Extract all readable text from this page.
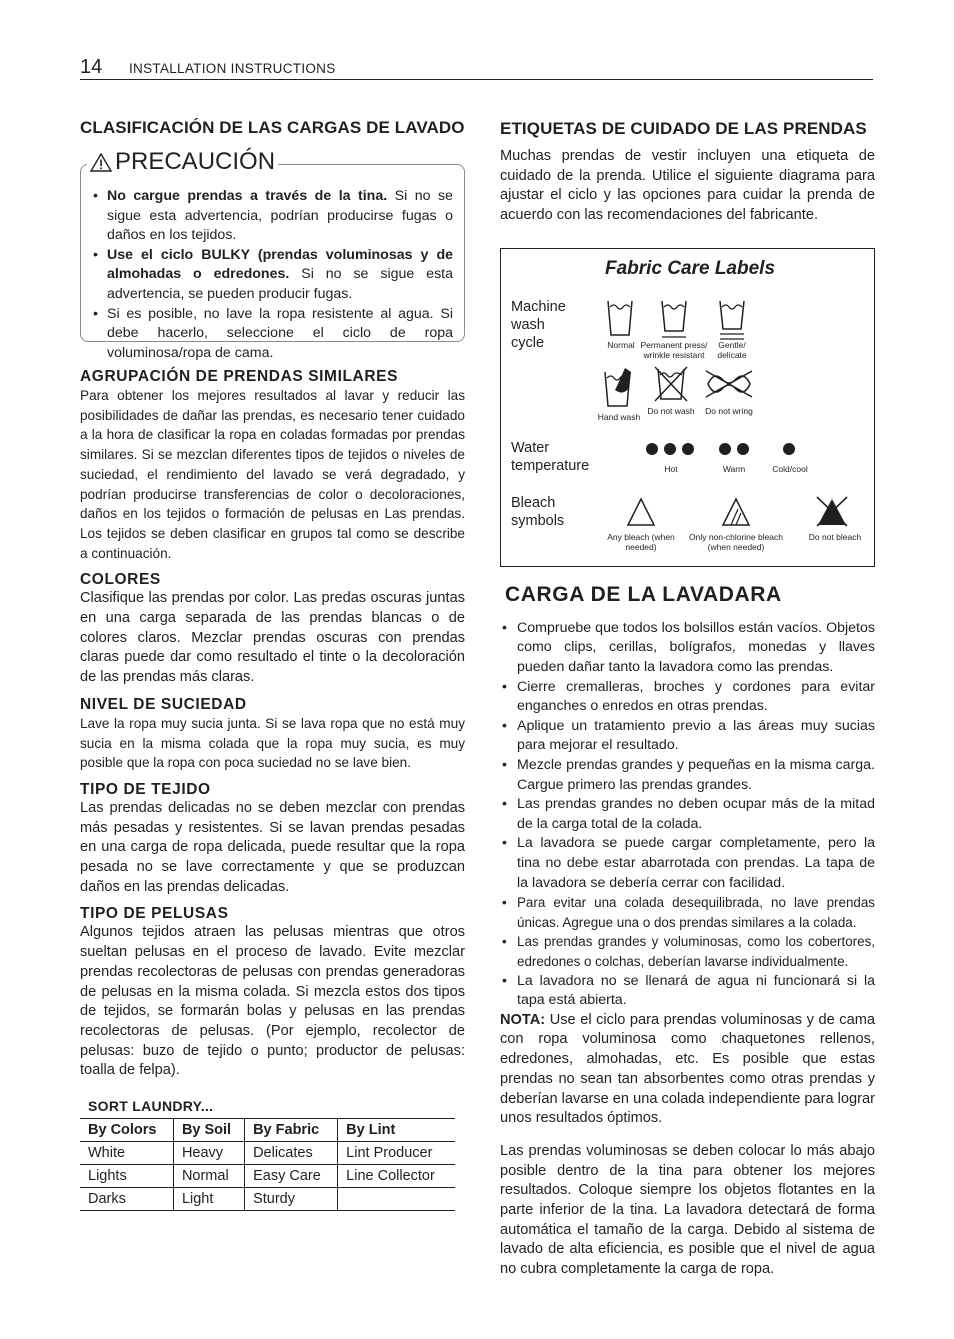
14 INSTALLATION INSTRUCTIONS
CLASIFICACIÓN DE LAS CARGAS DE LAVADO
PRECAUCIÓN
• No cargue prendas a través de la tina. Si no se sigue esta advertencia, podrían producirse fugas o daños en los tejidos.
• Use el ciclo BULKY (prendas voluminosas y de almohadas o edredones. Si no se sigue esta advertencia, se pueden producir fugas.
• Si es posible, no lave la ropa resistente al agua. Si debe hacerlo, seleccione el ciclo de ropa voluminosa/ropa de cama.
AGRUPACIÓN DE PRENDAS SIMILARES

Para obtener los mejores resultados al lavar y reducir las posibilidades de dañar las prendas, es necesario tener cuidado a la hora de clasificar la ropa en coladas formadas por prendas similares. Si se mezclan diferentes tipos de tejidos o niveles de suciedad, el rendimiento del lavado se verá degradado, y podrían producirse transferencias de color o decoloraciones, daños en los tejidos o formación de pelusas en Las prendas. Los tejidos se deben clasificar en grupos tal como se describe a continuación.

COLORES

Clasifique las prendas por color. Las predas oscuras juntas en una carga separada de las prendas blancas o de colores claros. Mezclar prendas oscuras con prendas claras puede dar como resultado el tinte o la decoloración de las prendas más claras.

NIVEL DE SUCIEDAD

Lave la ropa muy sucia junta. Si se lava ropa que no está muy sucia en la misma colada que la ropa muy sucia, es muy posible que la ropa con poca suciedad no se lave bien.

TIPO DE TEJIDO

Las prendas delicadas no se deben mezclar con prendas más pesadas y resistentes. Si se lavan prendas pesadas en una carga de ropa delicada, puede resultar que la ropa pesada no se lave correctamente y que se produzcan daños en las prendas delicadas.

TIPO DE PELUSAS

Algunos tejidos atraen las pelusas mientras que otros sueltan pelusas en el proceso de lavado. Evite mezclar prendas recolectoras de pelusas con prendas generadoras de pelusas en la misma colada. Si mezcla estos dos tipos de tejidos, se formarán bolas y pelusas en las prendas recolectoras de pelusas. (Por ejemplo, recolector de pelusas: buzo de tejido o punto; productor de pelusas: toalla de felpa).

SORT LAUNDRY...
By Colors	By Soil	By Fabric	By Lint
White	Heavy	Delicates	Lint Producer
Lights	Normal	Easy Care	Line Collector
Darks	Light	Sturdy	
ETIQUETAS DE CUIDADO DE LAS PRENDAS

Muchas prendas de vestir incluyen una etiqueta de cuidado de la prenda. Utilice el siguiente diagrama para ajustar el ciclo y las opciones para cuidar la prenda de acuerdo con las recomendaciones del fabricante.

Fabric Care Labels
Machine wash cycle
Water temperature
Bleach symbols
Normal Permanent press/ wrinkle resistant
Gentle/ delicate
Hand wash
Do not wash Do not wring
Hot	Warm	Cold/cool
Any bleach (when needed)
Only non-chlorine bleach (when needed)
Do not bleach
CARGA DE LA LAVADARA
• Compruebe que todos los bolsillos están vacíos. Objetos como clips, cerillas, bolígrafos, monedas y llaves pueden dañar tanto la lavadora como las prendas.
• Cierre cremalleras, broches y cordones para evitar enganches o enredos en otras prendas.
• Aplique un tratamiento previo a las áreas muy sucias para mejorar el resultado.
• Mezcle prendas grandes y pequeñas en la misma carga. Cargue primero las prendas grandes.
• Las prendas grandes no deben ocupar más de la mitad de la carga total de la colada.
• La lavadora se puede cargar completamente, pero la tina no debe estar abarrotada con prendas. La tapa de la lavadora se debería cerrar con facilidad.
• Para evitar una colada desequilibrada, no lave prendas únicas. Agregue una o dos prendas similares a la colada.
• Las prendas grandes y voluminosas, como los cobertores, edredones o colchas, deberían lavarse individualmente.
• La lavadora no se llenará de agua ni funcionará si la tapa está abierta.

NOTA: Use el ciclo para prendas voluminosas y de cama con ropa voluminosa como chaquetones rellenos, edredones, almohadas, etc. Es posible que estas prendas no sean tan absorbentes como otras prendas y deberían lavarse en una colada independiente para lograr unos resultados óptimos.

Las prendas voluminosas se deben colocar lo más abajo posible dentro de la tina para obtener los mejores resultados. Coloque siempre los objetos flotantes en la parte inferior de la tina. La lavadora detectará de forma automática el tamaño de la carga. Debido al sistema de lavado de alta eficiencia, es posible que el nivel de agua no cubra completamente la carga de ropa.
